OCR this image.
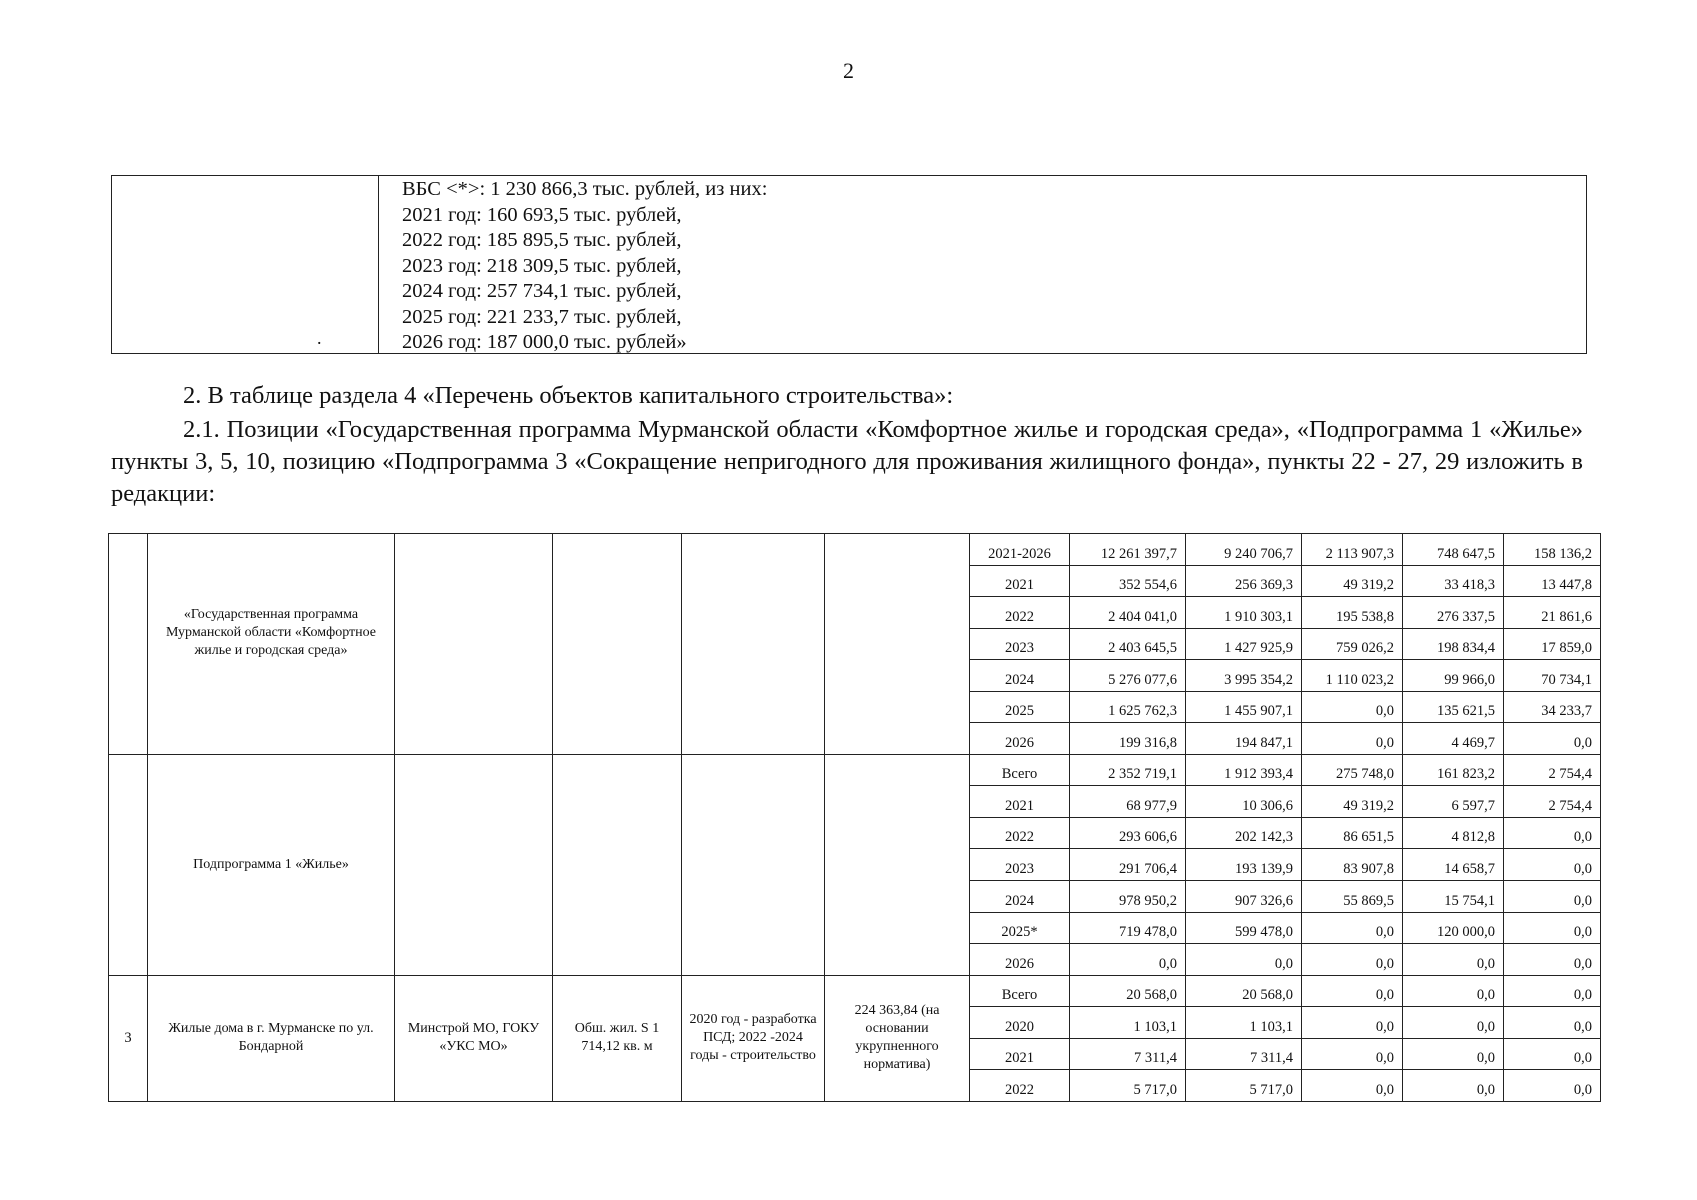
2
.
ВБС <*>: 1 230 866,3 тыс. рублей, из них:
2021 год: 160 693,5 тыс. рублей,
2022 год: 185 895,5 тыс. рублей,
2023 год: 218 309,5 тыс. рублей,
2024 год: 257 734,1 тыс. рублей,
2025 год: 221 233,7 тыс. рублей,
2026 год: 187 000,0 тыс. рублей»
2. В таблице раздела 4 «Перечень объектов капитального строительства»:
2.1. Позиции «Государственная программа Мурманской области «Комфортное жилье и городская среда», «Подпрограмма 1 «Жилье» пункты 3, 5, 10, позицию «Подпрограмма 3 «Сокращение непригодного для проживания жилищного фонда», пункты 22 - 27, 29 изложить в редакции:
	«Государственная программа Мурманской области «Комфортное жилье и городская среда»					2021-2026	12 261 397,7	9 240 706,7	2 113 907,3	748 647,5	158 136,2
						2021	352 554,6	256 369,3	49 319,2	33 418,3	13 447,8
						2022	2 404 041,0	1 910 303,1	195 538,8	276 337,5	21 861,6
						2023	2 403 645,5	1 427 925,9	759 026,2	198 834,4	17 859,0
						2024	5 276 077,6	3 995 354,2	1 110 023,2	99 966,0	70 734,1
						2025	1 625 762,3	1 455 907,1	0,0	135 621,5	34 233,7
						2026	199 316,8	194 847,1	0,0	4 469,7	0,0
	Подпрограмма 1 «Жилье»					Всего	2 352 719,1	1 912 393,4	275 748,0	161 823,2	2 754,4
						2021	68 977,9	10 306,6	49 319,2	6 597,7	2 754,4
						2022	293 606,6	202 142,3	86 651,5	4 812,8	0,0
						2023	291 706,4	193 139,9	83 907,8	14 658,7	0,0
						2024	978 950,2	907 326,6	55 869,5	15 754,1	0,0
						2025*	719 478,0	599 478,0	0,0	120 000,0	0,0
						2026	0,0	0,0	0,0	0,0	0,0
3	Жилые дома в г. Мурманске по ул. Бондарной	Минстрой МО, ГОКУ «УКС МО»	Обш. жил. S 1 714,12 кв. м	2020 год - разработка ПСД; 2022 -2024 годы - строительство	224 363,84 (на основании укрупненного норматива)	Всего	20 568,0	20 568,0	0,0	0,0	0,0
						2020	1 103,1	1 103,1	0,0	0,0	0,0
						2021	7 311,4	7 311,4	0,0	0,0	0,0
						2022	5 717,0	5 717,0	0,0	0,0	0,0
